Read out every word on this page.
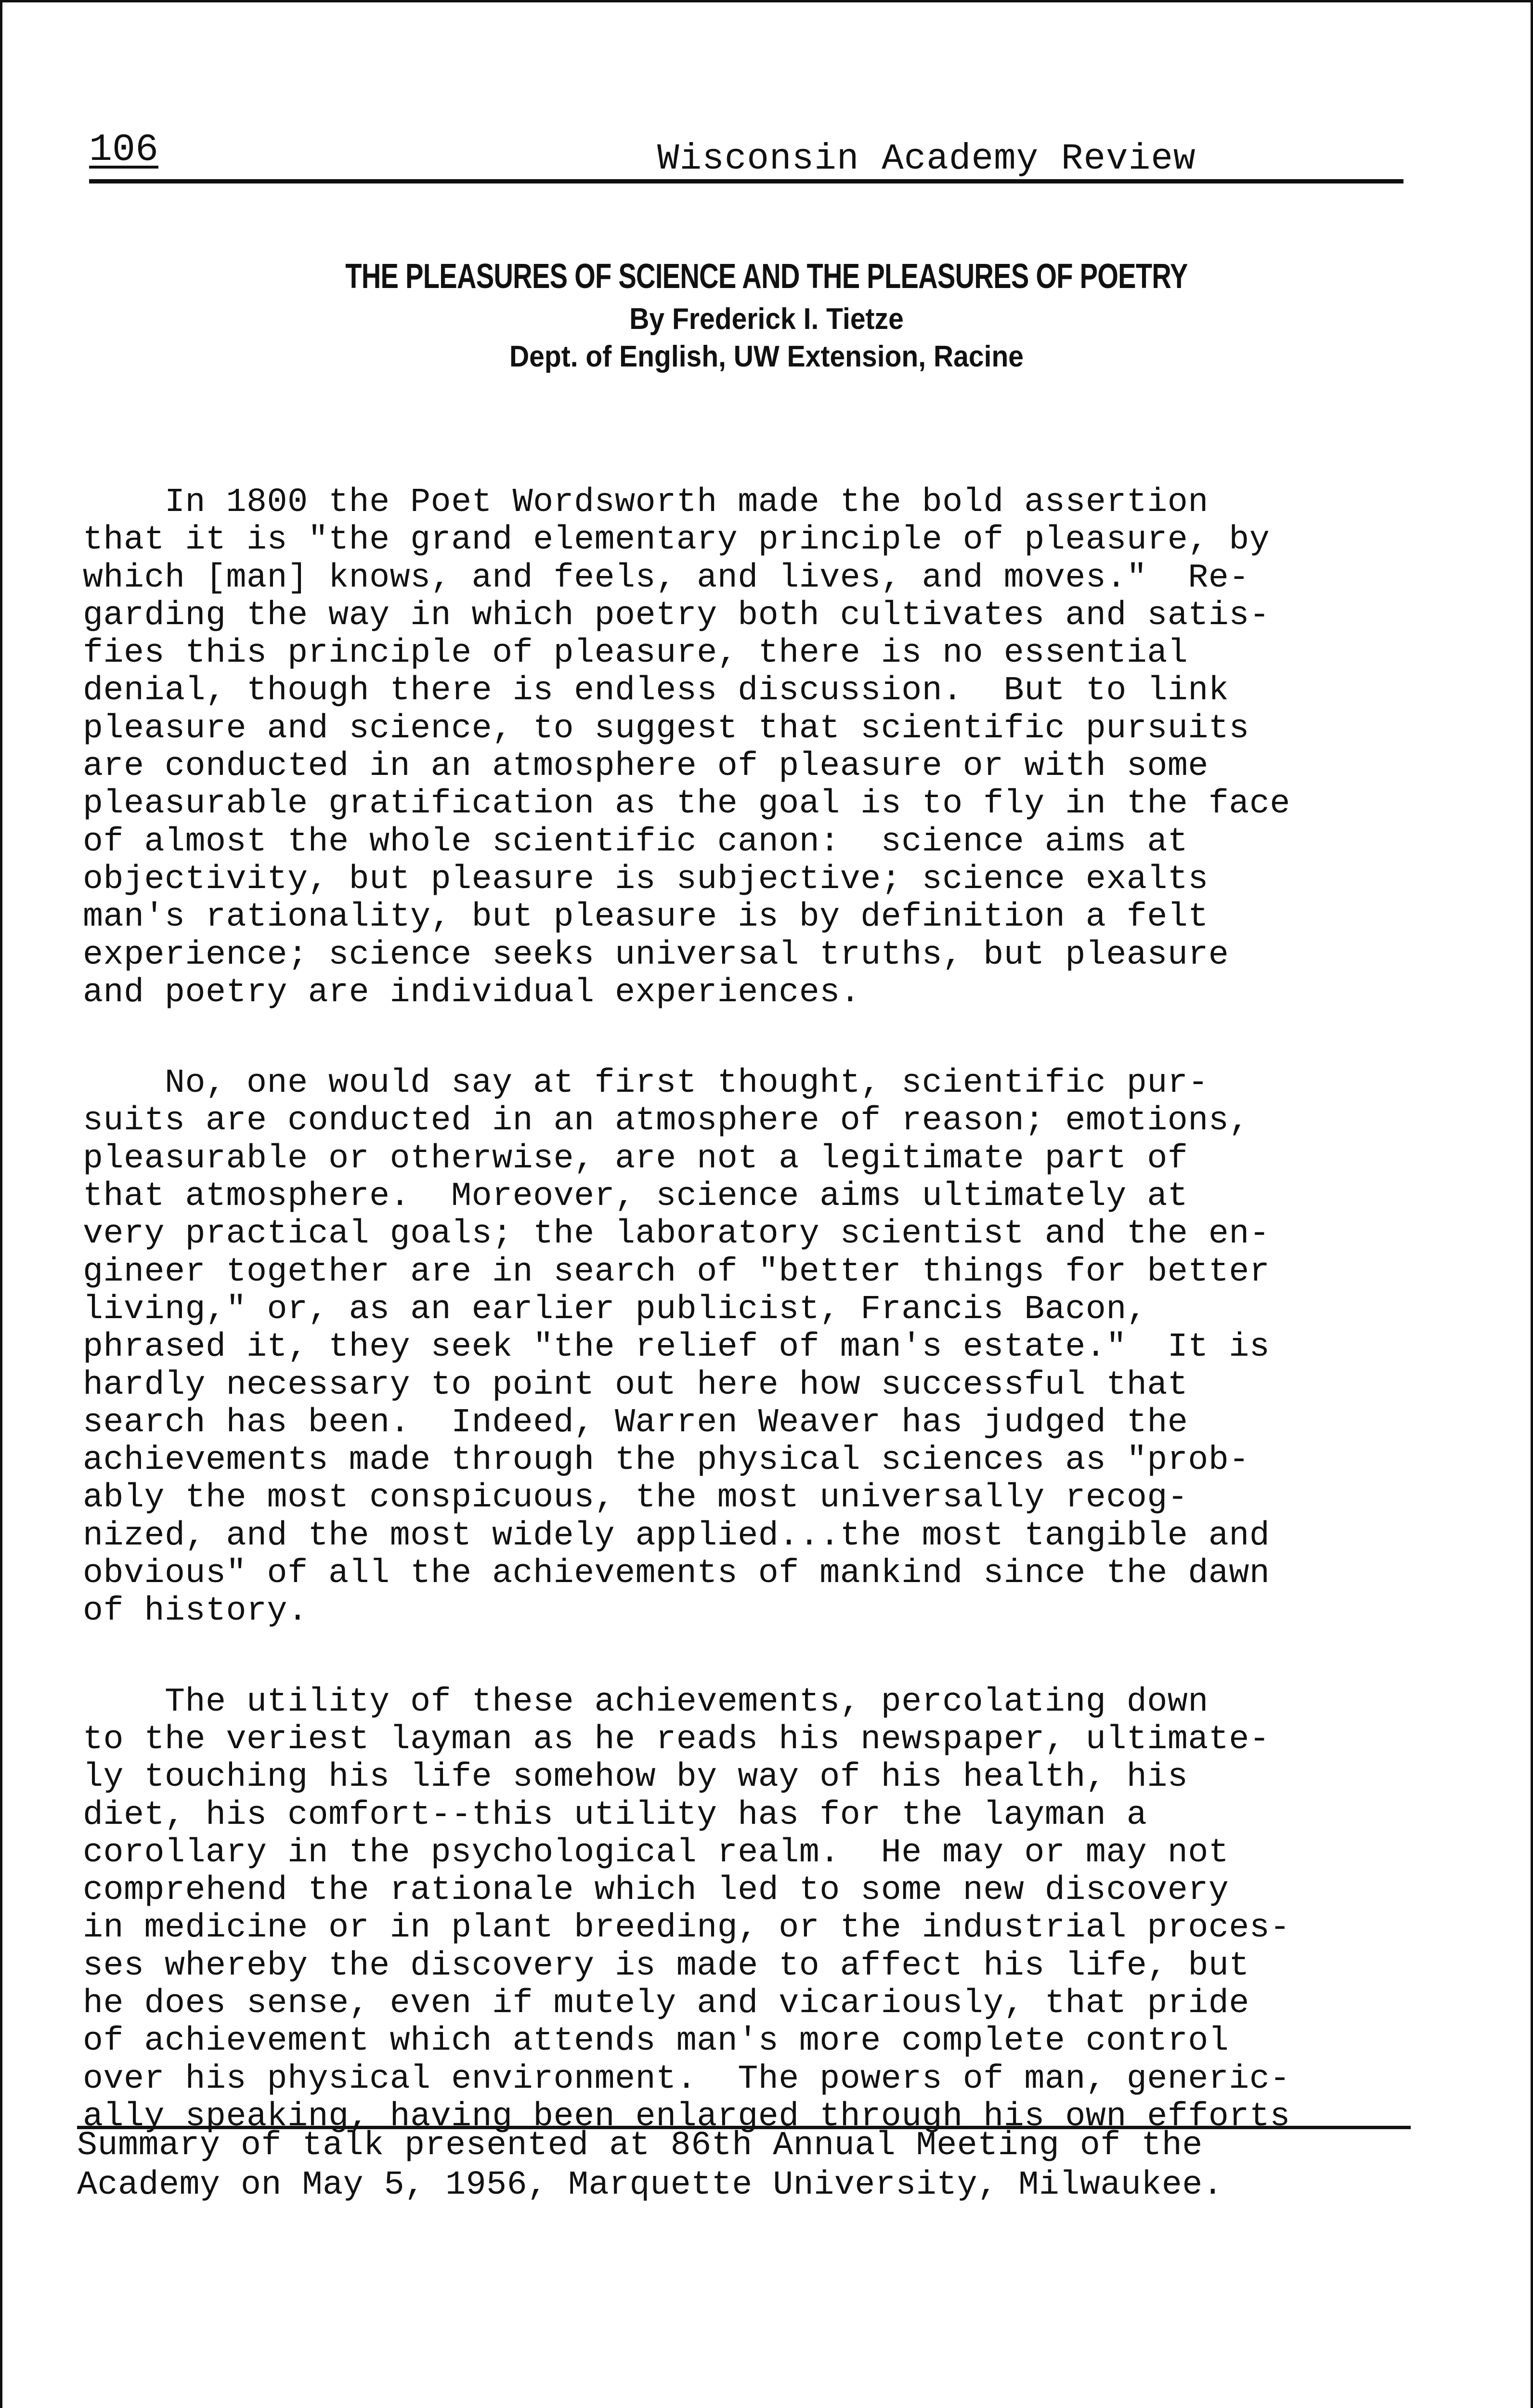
106	Wisconsin Academy Review
THE PLEASURES OF SCIENCE AND THE PLEASURES OF POETRY
By Frederick I. Tietze
Dept. of English, UW Extension, Racine
In 1800 the Poet Wordsworth made the bold assertion
that it is "the grand elementary principle of pleasure, by
which [man] knows, and feels, and lives, and moves."  Re-
garding the way in which poetry both cultivates and satis-
fies this principle of pleasure, there is no essential
denial, though there is endless discussion.  But to link
pleasure and science, to suggest that scientific pursuits
are conducted in an atmosphere of pleasure or with some
pleasurable gratification as the goal is to fly in the face
of almost the whole scientific canon:  science aims at
objectivity, but pleasure is subjective; science exalts
man's rationality, but pleasure is by definition a felt
experience; science seeks universal truths, but pleasure
and poetry are individual experiences.
No, one would say at first thought, scientific pur-
suits are conducted in an atmosphere of reason; emotions,
pleasurable or otherwise, are not a legitimate part of
that atmosphere.  Moreover, science aims ultimately at
very practical goals; the laboratory scientist and the en-
gineer together are in search of "better things for better
living," or, as an earlier publicist, Francis Bacon,
phrased it, they seek "the relief of man's estate."  It is
hardly necessary to point out here how successful that
search has been.  Indeed, Warren Weaver has judged the
achievements made through the physical sciences as "prob-
ably the most conspicuous, the most universally recog-
nized, and the most widely applied...the most tangible and
obvious" of all the achievements of mankind since the dawn
of history.
The utility of these achievements, percolating down
to the veriest layman as he reads his newspaper, ultimate-
ly touching his life somehow by way of his health, his
diet, his comfort--this utility has for the layman a
corollary in the psychological realm.  He may or may not
comprehend the rationale which led to some new discovery
in medicine or in plant breeding, or the industrial proces-
ses whereby the discovery is made to affect his life, but
he does sense, even if mutely and vicariously, that pride
of achievement which attends man's more complete control
over his physical environment.  The powers of man, generic-
ally speaking, having been enlarged through his own efforts
Summary of talk presented at 86th Annual Meeting of the
Academy on May 5, 1956, Marquette University, Milwaukee.
